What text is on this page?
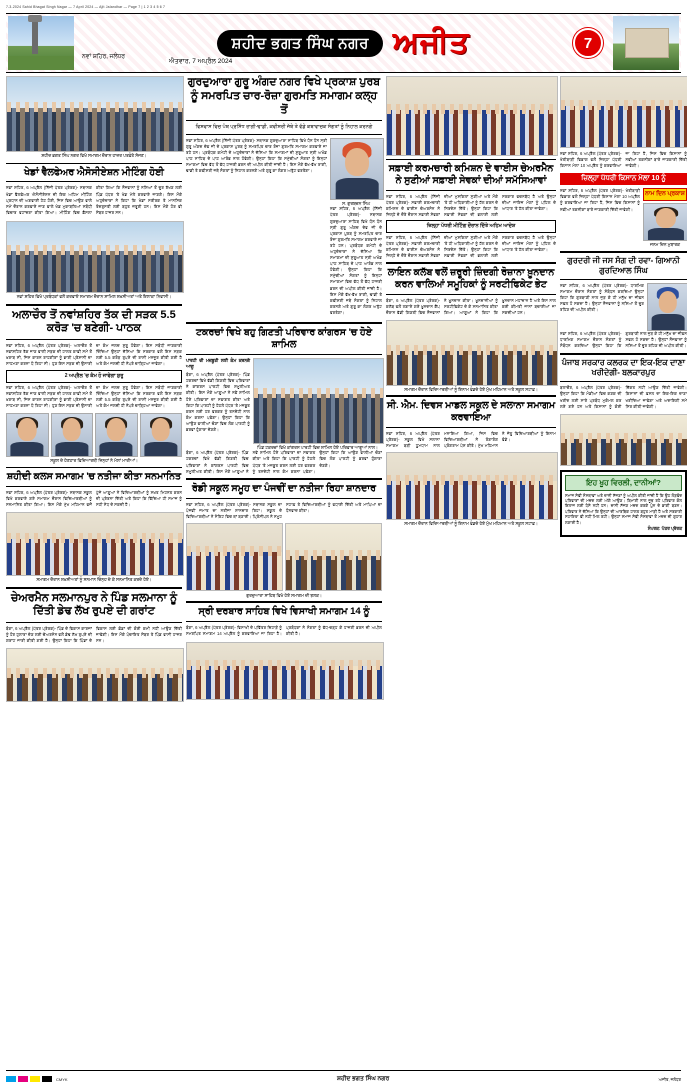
7-3-2024 Sahid Bhagat Singh Nagar — 7 April 2024 — Ajit Jalandhar — Page 7 | 1 2 3 4 5 6 7
ਸ਼ਹੀਦ ਭਗਤ ਸਿੰਘ ਨਗਰ ਅਜੀਤ	7
ਨਵਾਂ ਸ਼ਹਿਰ, ਜਲੰਧਰ
ਐਤਵਾਰ, 7 ਅਪ੍ਰੈਲ 2024
ਸ਼ਹੀਦ ਭਗਤ ਸਿੰਘ ਨਗਰ ਵਿਖੇ ਸਮਾਗਮ ਦੌਰਾਨ ਹਾਜ਼ਰ ਪਤਵੰਤੇ ਸੱਜਣ।
ਖੇਡਾਂ ਵੈਲਫੇਅਰ ਐਸੋਸੀਏਸ਼ਨ ਮੀਟਿੰਗ ਹੋਈ

ਨਵਾਂ ਸ਼ਹਿਰ, 6 ਅਪ੍ਰੈਲ (ਨਿੱਜੀ ਪੱਤਰ ਪ੍ਰੇਰਕ)- ਸਥਾਨਕ ਖੇਡਾਂ ਵੈਲਫੇਅਰ ਐਸੋਸੀਏਸ਼ਨ ਦੀ ਇਕ ਅਹਿਮ ਮੀਟਿੰਗ ਪ੍ਰਧਾਨ ਦੀ ਅਗਵਾਈ ਹੇਠ ਹੋਈ, ਜਿਸ ਵਿਚ ਆਉਣ ਵਾਲੇ ਸਮੇਂ ਦੌਰਾਨ ਕਰਵਾਏ ਜਾਣ ਵਾਲੇ ਖੇਡ ਮੁਕਾਬਲਿਆਂ ਸਬੰਧੀ ਵਿਚਾਰ ਵਟਾਂਦਰਾ ਕੀਤਾ ਗਿਆ। ਮੀਟਿੰਗ ਵਿਚ ਫ਼ੈਸਲਾ ਕੀਤਾ ਗਿਆ ਕਿ ਨੌਜਵਾਨਾਂ ਨੂੰ ਨਸ਼ਿਆਂ ਤੋਂ ਦੂਰ ਰੱਖਣ ਲਈ ਪਿੰਡ ਪੱਧਰ 'ਤੇ ਖੇਡ ਮੇਲੇ ਕਰਵਾਏ ਜਾਣਗੇ। ਇਸ ਮੌਕੇ ਅਹੁਦੇਦਾਰਾਂ ਨੇ ਕਿਹਾ ਕਿ ਖੇਡਾਂ ਸਰੀਰਕ ਤੇ ਮਾਨਸਿਕ ਤੰਦਰੁਸਤੀ ਲਈ ਬਹੁਤ ਜ਼ਰੂਰੀ ਹਨ। ਇਸ ਮੌਕੇ ਹੋਰ ਵੀ ਮੈਂਬਰ ਹਾਜ਼ਰ ਸਨ।

ਨਵਾਂ ਸ਼ਹਿਰ ਵਿਖੇ ਪ੍ਰਬੰਧਕਾਂ ਵਲੋਂ ਕਰਵਾਏ ਸਮਾਗਮ ਦੌਰਾਨ ਸ਼ਾਮਿਲ ਸ਼ਖ਼ਸੀਅਤਾਂ ਅਤੇ ਇਲਾਕਾ ਨਿਵਾਸੀ।
ਅਲਾਚੌਰ ਤੋਂ ਨਵਾਂਸ਼ਹਿਰ ਤੱਕ ਦੀ ਸੜਕ 5.5 ਕਰੋੜ 'ਚ ਬਣੇਗੀ- ਪਾਠਕ

ਨਵਾਂ ਸ਼ਹਿਰ, 6 ਅਪ੍ਰੈਲ (ਪੱਤਰ ਪ੍ਰੇਰਕ)- ਅਲਾਚੌਰ ਤੋਂ ਨਵਾਂਸ਼ਹਿਰ ਤੱਕ ਜਾਣ ਵਾਲੀ ਸੜਕ ਦੀ ਹਾਲਤ ਕਾਫ਼ੀ ਸਮੇਂ ਤੋਂ ਖ਼ਰਾਬ ਸੀ, ਜਿਸ ਕਾਰਨ ਰਾਹਗੀਰਾਂ ਨੂੰ ਭਾਰੀ ਪ੍ਰੇਸ਼ਾਨੀ ਦਾ ਸਾਹਮਣਾ ਕਰਨਾ ਪੈ ਰਿਹਾ ਸੀ। ਹੁਣ ਇਸ ਸੜਕ ਦੀ ਉਸਾਰੀ ਦਾ ਕੰਮ ਜਲਦ ਸ਼ੁਰੂ ਹੋਵੇਗਾ। ਇਸ ਸਬੰਧੀ ਜਾਣਕਾਰੀ ਦਿੰਦਿਆਂ ਉਨ੍ਹਾਂ ਦੱਸਿਆ ਕਿ ਸਰਕਾਰ ਵਲੋਂ ਇਸ ਸੜਕ ਲਈ 5.5 ਕਰੋੜ ਰੁਪਏ ਦੀ ਰਾਸ਼ੀ ਮਨਜ਼ੂਰ ਕੀਤੀ ਗਈ ਹੈ ਅਤੇ ਕੰਮ ਜਲਦੀ ਹੀ ਨੇਪਰੇ ਚਾੜ੍ਹਿਆ ਜਾਵੇਗਾ।

2 ਅਪ੍ਰੈਲ 'ਚ ਕੰਮ ਹੋ ਜਾਵੇਗਾ ਸ਼ੁਰੂ

ਨਵਾਂ ਸ਼ਹਿਰ, 6 ਅਪ੍ਰੈਲ (ਪੱਤਰ ਪ੍ਰੇਰਕ)- ਅਲਾਚੌਰ ਤੋਂ ਨਵਾਂਸ਼ਹਿਰ ਤੱਕ ਜਾਣ ਵਾਲੀ ਸੜਕ ਦੀ ਹਾਲਤ ਕਾਫ਼ੀ ਸਮੇਂ ਤੋਂ ਖ਼ਰਾਬ ਸੀ, ਜਿਸ ਕਾਰਨ ਰਾਹਗੀਰਾਂ ਨੂੰ ਭਾਰੀ ਪ੍ਰੇਸ਼ਾਨੀ ਦਾ ਸਾਹਮਣਾ ਕਰਨਾ ਪੈ ਰਿਹਾ ਸੀ। ਹੁਣ ਇਸ ਸੜਕ ਦੀ ਉਸਾਰੀ ਦਾ ਕੰਮ ਜਲਦ ਸ਼ੁਰੂ ਹੋਵੇਗਾ। ਇਸ ਸਬੰਧੀ ਜਾਣਕਾਰੀ ਦਿੰਦਿਆਂ ਉਨ੍ਹਾਂ ਦੱਸਿਆ ਕਿ ਸਰਕਾਰ ਵਲੋਂ ਇਸ ਸੜਕ ਲਈ 5.5 ਕਰੋੜ ਰੁਪਏ ਦੀ ਰਾਸ਼ੀ ਮਨਜ਼ੂਰ ਕੀਤੀ ਗਈ ਹੈ ਅਤੇ ਕੰਮ ਜਲਦੀ ਹੀ ਨੇਪਰੇ ਚਾੜ੍ਹਿਆ ਜਾਵੇਗਾ।

ਸਕੂਲ ਦੇ ਹੋਣਹਾਰ ਵਿਦਿਆਰਥੀ ਜਿਨ੍ਹਾਂ ਨੇ ਮੱਲਾਂ ਮਾਰੀਆਂ।
ਸ਼ਹੀਦੀ ਕਲਸ ਸਮਾਗਮ 'ਚ ਨਤੀਜਾ ਕੀਤਾ ਸਨਮਾਨਿਤ

ਨਵਾਂ ਸ਼ਹਿਰ, 6 ਅਪ੍ਰੈਲ (ਪੱਤਰ ਪ੍ਰੇਰਕ)- ਸਥਾਨਕ ਸਕੂਲ ਵਿਖੇ ਕਰਵਾਏ ਗਏ ਸਮਾਗਮ ਦੌਰਾਨ ਵਿਦਿਆਰਥੀਆਂ ਨੂੰ ਸਨਮਾਨਿਤ ਕੀਤਾ ਗਿਆ। ਇਸ ਮੌਕੇ ਮੁੱਖ ਮਹਿਮਾਨ ਵਜੋਂ ਪੁੱਜੇ ਆਗੂਆਂ ਨੇ ਵਿਦਿਆਰਥੀਆਂ ਨੂੰ ਸਖ਼ਤ ਮਿਹਨਤ ਕਰਨ ਦੀ ਪ੍ਰੇਰਨਾ ਦਿੱਤੀ ਅਤੇ ਕਿਹਾ ਕਿ ਵਿੱਦਿਆ ਹੀ ਸਮਾਜ ਨੂੰ ਸਹੀ ਸੇਧ ਦੇ ਸਕਦੀ ਹੈ।

ਸਮਾਗਮ ਦੌਰਾਨ ਸ਼ਖ਼ਸੀਅਤਾਂ ਨੂੰ ਸਨਮਾਨ ਚਿੰਨ੍ਹ ਦੇ ਕੇ ਸਨਮਾਨਿਤ ਕਰਦੇ ਹੋਏ।
ਚੇਅਰਮੈਨ ਸਲਮਾਨਪੁਰ ਨੇ ਪਿੰਡ ਸਲਮਾਨਾ ਨੂੰ ਦਿੱਤੀ ਡੇਢ ਲੱਖ ਰੁਪਏ ਦੀ ਗਰਾਂਟ

ਬੰਗਾ, 6 ਅਪ੍ਰੈਲ (ਪੱਤਰ ਪ੍ਰੇਰਕ)- ਪਿੰਡ ਦੇ ਵਿਕਾਸ ਕਾਰਜਾਂ ਨੂੰ ਹੋਰ ਹੁਲਾਰਾ ਦੇਣ ਲਈ ਚੇਅਰਮੈਨ ਵਲੋਂ ਡੇਢ ਲੱਖ ਰੁਪਏ ਦੀ ਗਰਾਂਟ ਜਾਰੀ ਕੀਤੀ ਗਈ ਹੈ। ਉਨ੍ਹਾਂ ਕਿਹਾ ਕਿ ਪਿੰਡਾਂ ਦੇ ਵਿਕਾਸ ਲਈ ਫ਼ੰਡਾਂ ਦੀ ਕੋਈ ਕਮੀ ਨਹੀਂ ਆਉਣ ਦਿੱਤੀ ਜਾਵੇਗੀ। ਇਸ ਮੌਕੇ ਪੰਚਾਇਤ ਮੈਂਬਰ ਤੇ ਪਿੰਡ ਵਾਸੀ ਹਾਜ਼ਰ ਸਨ।

ਗੁਰਦੁਆਰਾ ਗੁਰੂ ਅੰਗਦ ਨਗਰ ਵਿਖੇ ਪ੍ਰਕਾਸ਼ ਪੁਰਬ ਨੂੰ ਸਮਰਪਿਤ ਚਾਰ-ਰੋਜ਼ਾ ਗੁਰਮਤਿ ਸਮਾਗਮ ਕਲ੍ਹ ਤੋਂ
ਵਿਸ਼ਵਾਸ ਵਿਚ ਪੰਥ ਪ੍ਰਸਿੱਧ ਰਾਗੀ-ਢਾਡੀ, ਕਵੀਸ਼ਰੀ ਜੱਥੇ ਤੇ ਵੱਡੇ ਕਥਾਵਾਚਕ ਸੰਗਤਾਂ ਨੂੰ ਨਿਹਾਲ ਕਰਨਗੇ

ਨਵਾਂ ਸ਼ਹਿਰ, 6 ਅਪ੍ਰੈਲ (ਨਿੱਜੀ ਪੱਤਰ ਪ੍ਰੇਰਕ)- ਸਥਾਨਕ ਗੁਰਦੁਆਰਾ ਸਾਹਿਬ ਵਿਖੇ ਧੰਨ ਧੰਨ ਸ੍ਰੀ ਗੁਰੂ ਅੰਗਦ ਦੇਵ ਜੀ ਦੇ ਪ੍ਰਕਾਸ਼ ਪੁਰਬ ਨੂੰ ਸਮਰਪਿਤ ਚਾਰ ਰੋਜ਼ਾ ਗੁਰਮਤਿ ਸਮਾਗਮ ਕਰਵਾਏ ਜਾ ਰਹੇ ਹਨ। ਪ੍ਰਬੰਧਕ ਕਮੇਟੀ ਦੇ ਅਹੁਦੇਦਾਰਾਂ ਨੇ ਦੱਸਿਆ ਕਿ ਸਮਾਗਮਾਂ ਦੀ ਸ਼ੁਰੂਆਤ ਸ੍ਰੀ ਅਖੰਡ ਪਾਠ ਸਾਹਿਬ ਦੇ ਪਾਠ ਆਰੰਭ ਨਾਲ ਹੋਵੇਗੀ। ਉਨ੍ਹਾਂ ਕਿਹਾ ਕਿ ਸਮੁੱਚੀਆਂ ਸੰਗਤਾਂ ਨੂੰ ਇਨ੍ਹਾਂ ਸਮਾਗਮਾਂ ਵਿਚ ਵੱਧ ਤੋਂ ਵੱਧ ਹਾਜ਼ਰੀ ਭਰਨ ਦੀ ਅਪੀਲ ਕੀਤੀ ਜਾਂਦੀ ਹੈ। ਇਸ ਮੌਕੇ ਵੱਖ-ਵੱਖ ਰਾਗੀ, ਢਾਡੀ ਤੇ ਕਵੀਸ਼ਰੀ ਜਥੇ ਸੰਗਤਾਂ ਨੂੰ ਨਿਹਾਲ ਕਰਨਗੇ ਅਤੇ ਗੁਰੂ ਕਾ ਲੰਗਰ ਅਤੁੱਟ ਵਰਤੇਗਾ।

ਸ. ਗੁਰਬਚਨ ਸਿੰਘ

ਨਵਾਂ ਸ਼ਹਿਰ, 6 ਅਪ੍ਰੈਲ (ਨਿੱਜੀ ਪੱਤਰ ਪ੍ਰੇਰਕ)- ਸਥਾਨਕ ਗੁਰਦੁਆਰਾ ਸਾਹਿਬ ਵਿਖੇ ਧੰਨ ਧੰਨ ਸ੍ਰੀ ਗੁਰੂ ਅੰਗਦ ਦੇਵ ਜੀ ਦੇ ਪ੍ਰਕਾਸ਼ ਪੁਰਬ ਨੂੰ ਸਮਰਪਿਤ ਚਾਰ ਰੋਜ਼ਾ ਗੁਰਮਤਿ ਸਮਾਗਮ ਕਰਵਾਏ ਜਾ ਰਹੇ ਹਨ। ਪ੍ਰਬੰਧਕ ਕਮੇਟੀ ਦੇ ਅਹੁਦੇਦਾਰਾਂ ਨੇ ਦੱਸਿਆ ਕਿ ਸਮਾਗਮਾਂ ਦੀ ਸ਼ੁਰੂਆਤ ਸ੍ਰੀ ਅਖੰਡ ਪਾਠ ਸਾਹਿਬ ਦੇ ਪਾਠ ਆਰੰਭ ਨਾਲ ਹੋਵੇਗੀ। ਉਨ੍ਹਾਂ ਕਿਹਾ ਕਿ ਸਮੁੱਚੀਆਂ ਸੰਗਤਾਂ ਨੂੰ ਇਨ੍ਹਾਂ ਸਮਾਗਮਾਂ ਵਿਚ ਵੱਧ ਤੋਂ ਵੱਧ ਹਾਜ਼ਰੀ ਭਰਨ ਦੀ ਅਪੀਲ ਕੀਤੀ ਜਾਂਦੀ ਹੈ। ਇਸ ਮੌਕੇ ਵੱਖ-ਵੱਖ ਰਾਗੀ, ਢਾਡੀ ਤੇ ਕਵੀਸ਼ਰੀ ਜਥੇ ਸੰਗਤਾਂ ਨੂੰ ਨਿਹਾਲ ਕਰਨਗੇ ਅਤੇ ਗੁਰੂ ਕਾ ਲੰਗਰ ਅਤੁੱਟ ਵਰਤੇਗਾ।

ਟਕਰਚਾਂ ਵਿਖੇ ਬਹੁ ਗਿਣਤੀ ਪਰਿਵਾਰ ਕਾਂਗਰਸ 'ਚ ਹੋਏ ਸ਼ਾਮਿਲ

ਪਾਰਟੀ ਦੀ ਮਜ਼ਬੂਤੀ ਲਈ ਕੰਮ ਕਰਨਗੇ ਆਗੂ

ਬੰਗਾ, 6 ਅਪ੍ਰੈਲ (ਪੱਤਰ ਪ੍ਰੇਰਕ)- ਪਿੰਡ ਟਕਰਚਾਂ ਵਿਖੇ ਵੱਡੀ ਗਿਣਤੀ ਵਿਚ ਪਰਿਵਾਰਾਂ ਨੇ ਕਾਂਗਰਸ ਪਾਰਟੀ ਵਿਚ ਸ਼ਮੂਲੀਅਤ ਕੀਤੀ। ਇਸ ਮੌਕੇ ਆਗੂਆਂ ਨੇ ਨਵੇਂ ਸ਼ਾਮਿਲ ਹੋਏ ਪਰਿਵਾਰਾਂ ਦਾ ਸਵਾਗਤ ਕੀਤਾ ਅਤੇ ਕਿਹਾ ਕਿ ਪਾਰਟੀ ਨੂੰ ਹੇਠਲੇ ਪੱਧਰ 'ਤੇ ਮਜ਼ਬੂਤ ਕਰਨ ਲਈ ਹਰ ਵਰਕਰ ਨੂੰ ਤਨਦੇਹੀ ਨਾਲ ਕੰਮ ਕਰਨਾ ਪਵੇਗਾ। ਉਨ੍ਹਾਂ ਕਿਹਾ ਕਿ ਆਉਣ ਵਾਲੀਆਂ ਚੋਣਾਂ ਵਿਚ ਲੋਕ ਪਾਰਟੀ ਨੂੰ ਭਰਵਾਂ ਹੁੰਗਾਰਾ ਦੇਣਗੇ।

ਪਿੰਡ ਟਕਰਚਾਂ ਵਿਖੇ ਕਾਂਗਰਸ ਪਾਰਟੀ ਵਿਚ ਸ਼ਾਮਿਲ ਹੋਏ ਪਰਿਵਾਰ ਆਗੂਆਂ ਨਾਲ।

ਬੰਗਾ, 6 ਅਪ੍ਰੈਲ (ਪੱਤਰ ਪ੍ਰੇਰਕ)- ਪਿੰਡ ਟਕਰਚਾਂ ਵਿਖੇ ਵੱਡੀ ਗਿਣਤੀ ਵਿਚ ਪਰਿਵਾਰਾਂ ਨੇ ਕਾਂਗਰਸ ਪਾਰਟੀ ਵਿਚ ਸ਼ਮੂਲੀਅਤ ਕੀਤੀ। ਇਸ ਮੌਕੇ ਆਗੂਆਂ ਨੇ ਨਵੇਂ ਸ਼ਾਮਿਲ ਹੋਏ ਪਰਿਵਾਰਾਂ ਦਾ ਸਵਾਗਤ ਕੀਤਾ ਅਤੇ ਕਿਹਾ ਕਿ ਪਾਰਟੀ ਨੂੰ ਹੇਠਲੇ ਪੱਧਰ 'ਤੇ ਮਜ਼ਬੂਤ ਕਰਨ ਲਈ ਹਰ ਵਰਕਰ ਨੂੰ ਤਨਦੇਹੀ ਨਾਲ ਕੰਮ ਕਰਨਾ ਪਵੇਗਾ। ਉਨ੍ਹਾਂ ਕਿਹਾ ਕਿ ਆਉਣ ਵਾਲੀਆਂ ਚੋਣਾਂ ਵਿਚ ਲੋਕ ਪਾਰਟੀ ਨੂੰ ਭਰਵਾਂ ਹੁੰਗਾਰਾ ਦੇਣਗੇ।

ਰੋਡੀ ਸਕੂਲ ਸਮੂਹ ਦਾ ਪੰਜਵੀਂ ਦਾ ਨਤੀਜਾ ਰਿਹਾ ਸ਼ਾਨਦਾਰ

ਨਵਾਂ ਸ਼ਹਿਰ, 6 ਅਪ੍ਰੈਲ (ਪੱਤਰ ਪ੍ਰੇਰਕ)- ਸਥਾਨਕ ਸਕੂਲ ਦਾ ਪੰਜਵੀਂ ਜਮਾਤ ਦਾ ਨਤੀਜਾ ਸ਼ਾਨਦਾਰ ਰਿਹਾ। ਸਕੂਲ ਦੇ ਵਿਦਿਆਰਥੀਆਂ ਨੇ ਮੈਰਿਟ ਵਿਚ ਥਾਂ ਬਣਾਈ। ਪ੍ਰਿੰਸੀਪਲ ਨੇ ਸਮੂਹ ਸਟਾਫ਼ ਤੇ ਵਿਦਿਆਰਥੀਆਂ ਨੂੰ ਵਧਾਈ ਦਿੱਤੀ ਅਤੇ ਮਾਪਿਆਂ ਦਾ ਧੰਨਵਾਦ ਕੀਤਾ।

ਗੁਰਦੁਆਰਾ ਸਾਹਿਬ ਵਿਖੇ ਹੋਏ ਸਮਾਗਮ ਦੀ ਝਲਕ।
ਸ੍ਰੀ ਦਰਬਾਰ ਸਾਹਿਬ ਵਿਖੇ ਵਿਸਾਖੀ ਸਮਾਗਮ 14 ਨੂੰ

ਬੰਗਾ, 6 ਅਪ੍ਰੈਲ (ਪੱਤਰ ਪ੍ਰੇਰਕ)- ਵਿਸਾਖੀ ਦੇ ਪਵਿੱਤਰ ਦਿਹਾੜੇ ਨੂੰ ਸਮਰਪਿਤ ਸਮਾਗਮ 14 ਅਪ੍ਰੈਲ ਨੂੰ ਕਰਵਾਇਆ ਜਾ ਰਿਹਾ ਹੈ। ਪ੍ਰਬੰਧਕਾਂ ਨੇ ਸੰਗਤਾਂ ਨੂੰ ਵੱਧ-ਚੜ੍ਹ ਕੇ ਹਾਜ਼ਰੀ ਭਰਨ ਦੀ ਅਪੀਲ ਕੀਤੀ ਹੈ।

ਸਫ਼ਾਈ ਕਰਮਚਾਰੀ ਕਮਿਸ਼ਨ ਦੇ ਵਾਈਸ ਚੇਅਰਮੈਨ ਨੇ ਸੁਣੀਆਂ ਸਫ਼ਾਈ ਸੇਵਕਾਂ ਦੀਆਂ ਸਮੱਸਿਆਵਾਂ

ਨਵਾਂ ਸ਼ਹਿਰ, 6 ਅਪ੍ਰੈਲ (ਨਿੱਜੀ ਪੱਤਰ ਪ੍ਰੇਰਕ)- ਸਫ਼ਾਈ ਕਰਮਚਾਰੀ ਕਮਿਸ਼ਨ ਦੇ ਵਾਈਸ ਚੇਅਰਮੈਨ ਨੇ ਜ਼ਿਲ੍ਹੇ ਦੇ ਦੌਰੇ ਦੌਰਾਨ ਸਫ਼ਾਈ ਸੇਵਕਾਂ ਦੀਆਂ ਮੁਸ਼ਕਿਲਾਂ ਸੁਣੀਆਂ ਅਤੇ ਮੌਕੇ 'ਤੇ ਹੀ ਅਧਿਕਾਰੀਆਂ ਨੂੰ ਹੱਲ ਕਰਨ ਦੇ ਨਿਰਦੇਸ਼ ਦਿੱਤੇ। ਉਨ੍ਹਾਂ ਕਿਹਾ ਕਿ ਸਫ਼ਾਈ ਸੇਵਕਾਂ ਦੀ ਭਲਾਈ ਲਈ ਸਰਕਾਰ ਵਚਨਬੱਧ ਹੈ ਅਤੇ ਉਨ੍ਹਾਂ ਦੀਆਂ ਜਾਇਜ਼ ਮੰਗਾਂ ਨੂੰ ਪਹਿਲ ਦੇ ਆਧਾਰ 'ਤੇ ਹੱਲ ਕੀਤਾ ਜਾਵੇਗਾ।

ਜ਼ਿਲ੍ਹਾ ਪੱਧਰੀ ਮੀਟਿੰਗ ਦੌਰਾਨ ਦਿੱਤੇ ਅਹਿਮ ਆਦੇਸ਼

ਨਵਾਂ ਸ਼ਹਿਰ, 6 ਅਪ੍ਰੈਲ (ਨਿੱਜੀ ਪੱਤਰ ਪ੍ਰੇਰਕ)- ਸਫ਼ਾਈ ਕਰਮਚਾਰੀ ਕਮਿਸ਼ਨ ਦੇ ਵਾਈਸ ਚੇਅਰਮੈਨ ਨੇ ਜ਼ਿਲ੍ਹੇ ਦੇ ਦੌਰੇ ਦੌਰਾਨ ਸਫ਼ਾਈ ਸੇਵਕਾਂ ਦੀਆਂ ਮੁਸ਼ਕਿਲਾਂ ਸੁਣੀਆਂ ਅਤੇ ਮੌਕੇ 'ਤੇ ਹੀ ਅਧਿਕਾਰੀਆਂ ਨੂੰ ਹੱਲ ਕਰਨ ਦੇ ਨਿਰਦੇਸ਼ ਦਿੱਤੇ। ਉਨ੍ਹਾਂ ਕਿਹਾ ਕਿ ਸਫ਼ਾਈ ਸੇਵਕਾਂ ਦੀ ਭਲਾਈ ਲਈ ਸਰਕਾਰ ਵਚਨਬੱਧ ਹੈ ਅਤੇ ਉਨ੍ਹਾਂ ਦੀਆਂ ਜਾਇਜ਼ ਮੰਗਾਂ ਨੂੰ ਪਹਿਲ ਦੇ ਆਧਾਰ 'ਤੇ ਹੱਲ ਕੀਤਾ ਜਾਵੇਗਾ।

ਲਾਇਨ ਕਲੱਬ ਵਲੋਂ ਜ਼ਰੂਰੀ ਜ਼ਿੰਦਗੀ ਰੋਜ਼ਾਨਾ ਖ਼ੂਨਦਾਨ ਕਰਨ ਵਾਲਿਆਂ ਸਮੂਹਿਕਾਂ ਨੂੰ ਸਰਟੀਫਿਕੇਟ ਭੇਟ

ਬੰਗਾ, 6 ਅਪ੍ਰੈਲ (ਪੱਤਰ ਪ੍ਰੇਰਕ)- ਕਲੱਬ ਵਲੋਂ ਲਗਾਏ ਗਏ ਖ਼ੂਨਦਾਨ ਕੈਂਪ ਦੌਰਾਨ ਵੱਡੀ ਗਿਣਤੀ ਵਿਚ ਨੌਜਵਾਨਾਂ ਨੇ ਖ਼ੂਨਦਾਨ ਕੀਤਾ। ਖ਼ੂਨਦਾਨੀਆਂ ਨੂੰ ਸਰਟੀਫਿਕੇਟ ਦੇ ਕੇ ਸਨਮਾਨਿਤ ਕੀਤਾ ਗਿਆ। ਆਗੂਆਂ ਨੇ ਕਿਹਾ ਕਿ ਖ਼ੂਨਦਾਨ ਮਹਾਂਦਾਨ ਹੈ ਅਤੇ ਇਸ ਨਾਲ ਕਈ ਕੀਮਤੀ ਜਾਨਾਂ ਬਚਾਈਆਂ ਜਾ ਸਕਦੀਆਂ ਹਨ।

ਸਮਾਗਮ ਦੌਰਾਨ ਵਿਦਿਆਰਥੀਆਂ ਨੂੰ ਇਨਾਮ ਵੰਡਦੇ ਹੋਏ ਮੁੱਖ ਮਹਿਮਾਨ ਅਤੇ ਸਕੂਲ ਸਟਾਫ਼।
ਸੀ. ਐਮ. ਦਿਵਸ ਮਾਡਲ ਸਕੂਲ ਦੇ ਸਲਾਨਾ ਸਮਾਗਮ ਕਰਵਾਇਆ

ਨਵਾਂ ਸ਼ਹਿਰ, 6 ਅਪ੍ਰੈਲ (ਪੱਤਰ ਪ੍ਰੇਰਕ)- ਸਕੂਲ ਵਿਖੇ ਸਲਾਨਾ ਸਮਾਗਮ ਬੜੀ ਧੂਮਧਾਮ ਨਾਲ ਮਨਾਇਆ ਗਿਆ, ਜਿਸ ਵਿਚ ਵਿਦਿਆਰਥੀਆਂ ਨੇ ਰੰਗਾਰੰਗ ਪ੍ਰੋਗਰਾਮ ਪੇਸ਼ ਕੀਤੇ। ਮੁੱਖ ਮਹਿਮਾਨ ਨੇ ਜੇਤੂ ਵਿਦਿਆਰਥੀਆਂ ਨੂੰ ਇਨਾਮ ਵੰਡੇ।

ਸਮਾਗਮ ਦੌਰਾਨ ਵਿਦਿਆਰਥੀਆਂ ਨੂੰ ਇਨਾਮ ਵੰਡਦੇ ਹੋਏ ਮੁੱਖ ਮਹਿਮਾਨ ਅਤੇ ਸਕੂਲ ਸਟਾਫ਼।

ਨਵਾਂ ਸ਼ਹਿਰ, 6 ਅਪ੍ਰੈਲ (ਪੱਤਰ ਪ੍ਰੇਰਕ)- ਖੇਤੀਬਾੜੀ ਵਿਭਾਗ ਵਲੋਂ ਜ਼ਿਲ੍ਹਾ ਪੱਧਰੀ ਕਿਸਾਨ ਮੇਲਾ 10 ਅਪ੍ਰੈਲ ਨੂੰ ਕਰਵਾਇਆ ਜਾ ਰਿਹਾ ਹੈ, ਜਿਸ ਵਿਚ ਕਿਸਾਨਾਂ ਨੂੰ ਨਵੀਆਂ ਤਕਨੀਕਾਂ ਬਾਰੇ ਜਾਣਕਾਰੀ ਦਿੱਤੀ ਜਾਵੇਗੀ।

ਜ਼ਿਲ੍ਹਾ ਪੱਧਰੀ ਕਿਸਾਨ ਮੇਲਾ 10 ਨੂੰ

ਨਵਾਂ ਸ਼ਹਿਰ, 6 ਅਪ੍ਰੈਲ (ਪੱਤਰ ਪ੍ਰੇਰਕ)- ਖੇਤੀਬਾੜੀ ਵਿਭਾਗ ਵਲੋਂ ਜ਼ਿਲ੍ਹਾ ਪੱਧਰੀ ਕਿਸਾਨ ਮੇਲਾ 10 ਅਪ੍ਰੈਲ ਨੂੰ ਕਰਵਾਇਆ ਜਾ ਰਿਹਾ ਹੈ, ਜਿਸ ਵਿਚ ਕਿਸਾਨਾਂ ਨੂੰ ਨਵੀਆਂ ਤਕਨੀਕਾਂ ਬਾਰੇ ਜਾਣਕਾਰੀ ਦਿੱਤੀ ਜਾਵੇਗੀ।

ਨਾਮ ਦਿਨ ਪ੍ਰਕਾਸ਼
ਜਨਮ ਦਿਨ ਮੁਬਾਰਕ
ਗੁਰਦਰੀ ਜੀ ਜਸ ਸੰਗ ਦੀ ਰਵਾ- ਗਿਆਨੀ ਗੁਰਦਿਆਲ ਸਿੰਘ

ਨਵਾਂ ਸ਼ਹਿਰ, 6 ਅਪ੍ਰੈਲ (ਪੱਤਰ ਪ੍ਰੇਰਕ)- ਧਾਰਮਿਕ ਸਮਾਗਮ ਦੌਰਾਨ ਸੰਗਤਾਂ ਨੂੰ ਸੰਬੋਧਨ ਕਰਦਿਆਂ ਉਨ੍ਹਾਂ ਕਿਹਾ ਕਿ ਗੁਰਬਾਣੀ ਨਾਲ ਜੁੜ ਕੇ ਹੀ ਮਨੁੱਖ ਦਾ ਜੀਵਨ ਸਫਲ ਹੋ ਸਕਦਾ ਹੈ। ਉਨ੍ਹਾਂ ਨੌਜਵਾਨਾਂ ਨੂੰ ਨਸ਼ਿਆਂ ਤੋਂ ਦੂਰ ਰਹਿਣ ਦੀ ਅਪੀਲ ਕੀਤੀ।

ਨਵਾਂ ਸ਼ਹਿਰ, 6 ਅਪ੍ਰੈਲ (ਪੱਤਰ ਪ੍ਰੇਰਕ)- ਧਾਰਮਿਕ ਸਮਾਗਮ ਦੌਰਾਨ ਸੰਗਤਾਂ ਨੂੰ ਸੰਬੋਧਨ ਕਰਦਿਆਂ ਉਨ੍ਹਾਂ ਕਿਹਾ ਕਿ ਗੁਰਬਾਣੀ ਨਾਲ ਜੁੜ ਕੇ ਹੀ ਮਨੁੱਖ ਦਾ ਜੀਵਨ ਸਫਲ ਹੋ ਸਕਦਾ ਹੈ। ਉਨ੍ਹਾਂ ਨੌਜਵਾਨਾਂ ਨੂੰ ਨਸ਼ਿਆਂ ਤੋਂ ਦੂਰ ਰਹਿਣ ਦੀ ਅਪੀਲ ਕੀਤੀ।

ਪੰਜਾਬ ਸਰਕਾਰ ਕਲਰਕ ਦਾ ਇਕ-ਇਕ ਦਾਣਾ ਖਰੀਦੇਗੀ- ਬਲਕਾਰਪੁਰ

ਬਲਾਚੌਰ, 6 ਅਪ੍ਰੈਲ (ਪੱਤਰ ਪ੍ਰੇਰਕ)- ਉਨ੍ਹਾਂ ਕਿਹਾ ਕਿ ਮੰਡੀਆਂ ਵਿਚ ਕਣਕ ਦੀ ਖਰੀਦ ਲਈ ਸਾਰੇ ਪ੍ਰਬੰਧ ਮੁਕੰਮਲ ਕਰ ਲਏ ਗਏ ਹਨ ਅਤੇ ਕਿਸਾਨਾਂ ਨੂੰ ਕੋਈ ਦਿੱਕਤ ਨਹੀਂ ਆਉਣ ਦਿੱਤੀ ਜਾਵੇਗੀ। ਕਿਸਾਨਾਂ ਦੀ ਫ਼ਸਲ ਦਾ ਇਕ-ਇਕ ਦਾਣਾ ਖਰੀਦਿਆ ਜਾਵੇਗਾ ਅਤੇ ਅਦਾਇਗੀ ਸਮੇਂ ਸਿਰ ਕੀਤੀ ਜਾਵੇਗੀ।

ਇਹ ਖੂਹ ਵਿਰਲੀ, ਦਾਨੀਆਂ?
ਸਮਾਜ ਸੇਵੀ ਸੰਸਥਾਵਾਂ ਅਤੇ ਦਾਨੀ ਸੱਜਣਾਂ ਨੂੰ ਅਪੀਲ ਕੀਤੀ ਜਾਂਦੀ ਹੈ ਕਿ ਉਹ ਲੋੜਵੰਦ ਪਰਿਵਾਰਾਂ ਦੀ ਮਦਦ ਲਈ ਅੱਗੇ ਆਉਣ। ਬਿਮਾਰੀ ਨਾਲ ਜੂਝ ਰਹੇ ਪਰਿਵਾਰ ਕੋਲ ਇਲਾਜ ਲਈ ਪੈਸੇ ਨਹੀਂ ਹਨ। ਦਾਨੀ ਸੱਜਣ ਮਦਦ ਕਰਕੇ ਪੁੰਨ ਦੇ ਭਾਗੀ ਬਣਨ। ਪਰਿਵਾਰ ਨੇ ਦੱਸਿਆ ਕਿ ਉਨ੍ਹਾਂ ਦੀ ਆਰਥਿਕ ਹਾਲਤ ਬਹੁਤ ਮਾੜੀ ਹੈ ਅਤੇ ਸਰਕਾਰੀ ਸਹਾਇਤਾ ਵੀ ਨਹੀਂ ਮਿਲ ਰਹੀ। ਉਨ੍ਹਾਂ ਸਮਾਜ ਸੇਵੀ ਸੰਸਥਾਵਾਂ ਤੋਂ ਮਦਦ ਦੀ ਗੁਹਾਰ ਲਗਾਈ ਹੈ।
ਸੰਪਰਕ: ਪੱਤਰ ਪ੍ਰੇਰਕ
CMYK	ਸ਼ਹੀਦ ਭਗਤ ਸਿੰਘ ਨਗਰ	ਅਜੀਤ, ਜਲੰਧਰ
